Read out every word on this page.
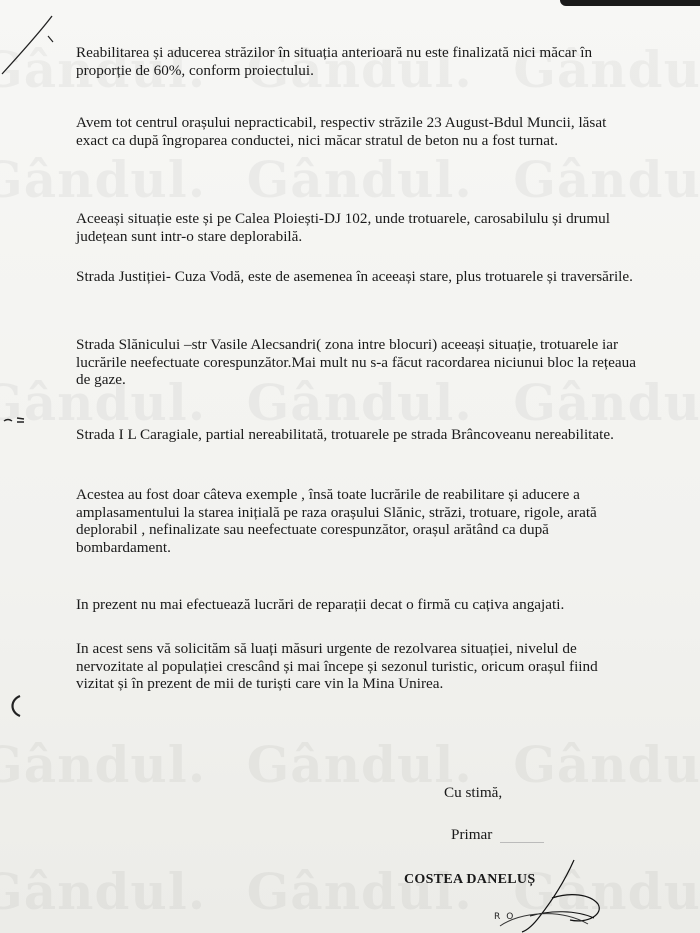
Reabilitarea și aducerea străzilor în situația anterioară nu este finalizată nici măcar în proporție de 60%, conform proiectului.

Avem tot centrul orașului nepracticabil, respectiv străzile 23 August-Bdul Muncii, lăsat exact ca după îngroparea conductei, nici măcar stratul de beton nu a fost turnat.

Aceeași situație este și pe Calea Ploiești-DJ 102, unde trotuarele, carosabilulu și drumul județean sunt intr-o stare deplorabilă.

Strada Justiției- Cuza Vodă, este de asemenea în aceeași stare, plus trotuarele și traversările.

Strada Slănicului –str Vasile Alecsandri( zona intre blocuri) aceeași situație, trotuarele iar lucrările neefectuate corespunzător.Mai mult nu s-a făcut racordarea niciunui bloc la rețeaua de gaze.

Strada I L Caragiale, partial nereabilitată, trotuarele pe strada Brâncoveanu nereabilitate.

Acestea au fost doar câteva exemple , însă toate lucrările de reabilitare și aducere a amplasamentului la starea inițială pe raza orașului Slănic, străzi, trotuare, rigole, arată deplorabil , nefinalizate sau neefectuate corespunzător, orașul arătând ca după bombardament.

In prezent nu mai efectuează lucrări de reparații decat o firmă cu cațiva angajati.

In acest sens vă solicităm să luați măsuri urgente de rezolvarea situației, nivelul de nervozitate al populației crescând și mai începe și sezonul turistic, oricum orașul fiind vizitat și în prezent de mii de turiști care vin la Mina Unirea.

Cu stimă,

Primar

COSTEA DANELUȘ

RO
